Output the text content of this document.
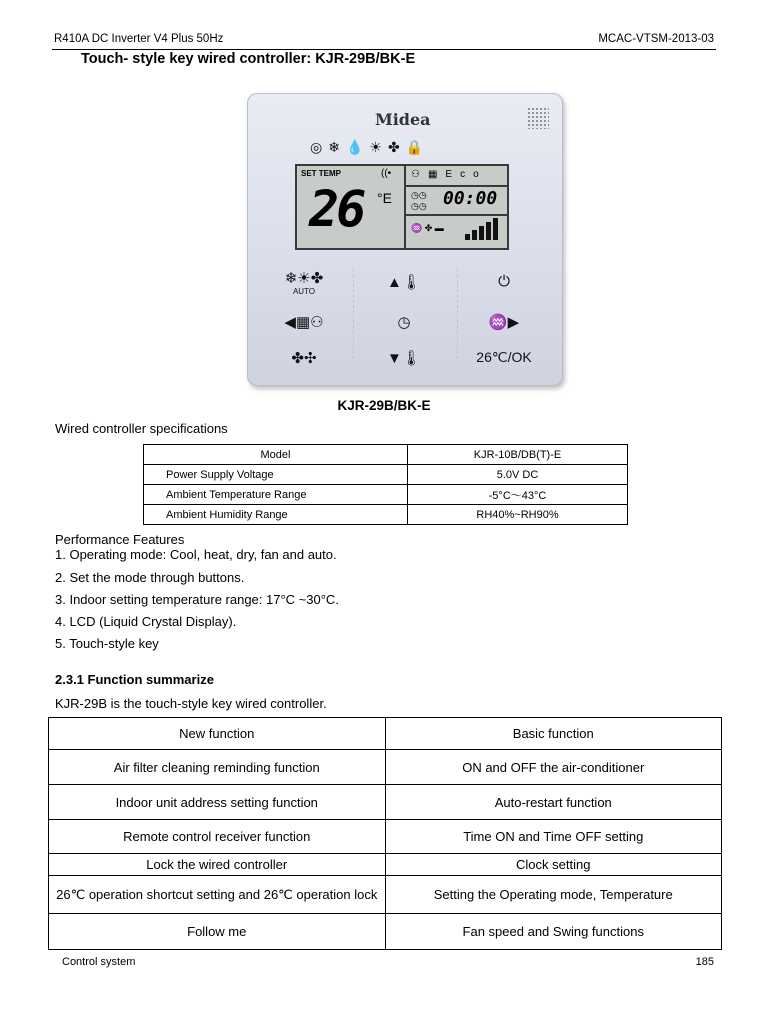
R410A DC Inverter V4 Plus 50Hz	MCAC-VTSM-2013-03
Touch- style key wired controller: KJR-29B/BK-E
Midea
◎❄💧☀✤🔒
SET TEMP	((•
26 °E
⚇▦Eco
◷◷
◷◷ 00:00
♒ ✤ ▬
❄☀✤
AUTO
▲🌡	⏻
◀▦⚇	◷	♒▶
✤✣	▼🌡	26℃/OK
KJR-29B/BK-E
Wired controller specifications
Model	KJR-10B/DB(T)-E
Power Supply Voltage	5.0V DC
Ambient Temperature Range	-5°C～43°C
Ambient Humidity Range	RH40%~RH90%
Performance Features
1. Operating mode: Cool, heat, dry, fan and auto.
2. Set the mode through buttons.
3. Indoor setting temperature range: 17°C ~30°C.
4. LCD (Liquid Crystal Display).
5. Touch-style key
2.3.1 Function summarize
KJR-29B is the touch-style key wired controller.
New function	Basic function
Air filter cleaning reminding function	ON and OFF the air-conditioner
Indoor unit address setting function	Auto-restart function
Remote control receiver function	Time ON and Time OFF setting
Lock the wired controller	Clock setting
26℃ operation shortcut setting and 26℃ operation lock	Setting the Operating mode, Temperature
Follow me	Fan speed and Swing functions
Control system	185
